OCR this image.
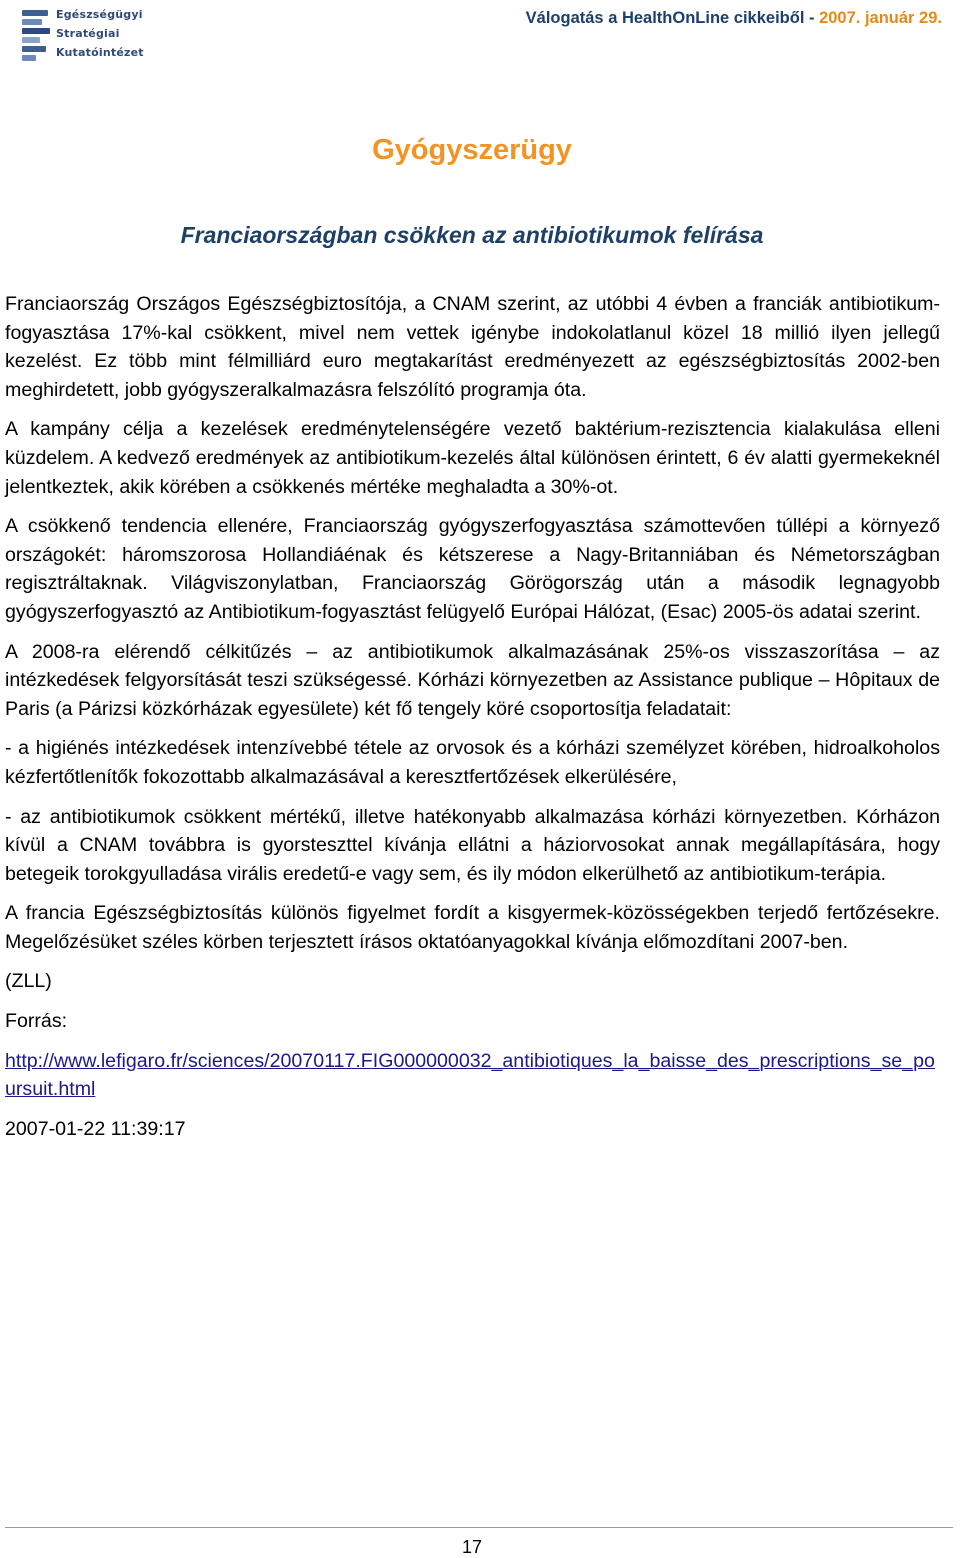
Egészségügyi
Stratégiai
Kutatóintézet
Válogatás a HealthOnLine cikkeiből - 2007. január 29.
Gyógyszerügy
Franciaországban csökken az antibiotikumok felírása

Franciaország Országos Egészségbiztosítója, a CNAM szerint, az utóbbi 4 évben a franciák antibiotikum-fogyasztása 17%-kal csökkent, mivel nem vettek igénybe indokolatlanul közel 18 millió ilyen jellegű kezelést. Ez több mint félmilliárd euro megtakarítást eredményezett az egészségbiztosítás 2002-ben meghirdetett, jobb gyógyszeralkalmazásra felszólító programja óta.

A kampány célja a kezelések eredménytelenségére vezető baktérium-rezisztencia kialakulása elleni küzdelem. A kedvező eredmények az antibiotikum-kezelés által különösen érintett, 6 év alatti gyermekeknél jelentkeztek, akik körében a csökkenés mértéke meghaladta a 30%-ot.

A csökkenő tendencia ellenére, Franciaország gyógyszerfogyasztása számottevően túllépi a környező országokét: háromszorosa Hollandiáénak és kétszerese a Nagy-Britanniában és Németországban regisztráltaknak. Világviszonylatban, Franciaország Görögország után a második legnagyobb gyógyszerfogyasztó az Antibiotikum-fogyasztást felügyelő Európai Hálózat, (Esac) 2005-ös adatai szerint.

A 2008-ra elérendő célkitűzés – az antibiotikumok alkalmazásának 25%-os visszaszorítása – az intézkedések felgyorsítását teszi szükségessé. Kórházi környezetben az Assistance publique – Hôpitaux de Paris (a Párizsi közkórházak egyesülete) két fő tengely köré csoportosítja feladatait:

- a higiénés intézkedések intenzívebbé tétele az orvosok és a kórházi személyzet körében, hidroalkoholos kézfertőtlenítők fokozottabb alkalmazásával a keresztfertőzések elkerülésére,

- az antibiotikumok csökkent mértékű, illetve hatékonyabb alkalmazása kórházi környezetben. Kórházon kívül a CNAM továbbra is gyorsteszttel kívánja ellátni a háziorvosokat annak megállapítására, hogy betegeik torokgyulladása virális eredetű-e vagy sem, és ily módon elkerülhető az antibiotikum-terápia.

A francia Egészségbiztosítás különös figyelmet fordít a kisgyermek-közösségekben terjedő fertőzésekre. Megelőzésüket széles körben terjesztett írásos oktatóanyagokkal kívánja előmozdítani 2007-ben.

(ZLL)

Forrás:

http://www.lefigaro.fr/sciences/20070117.FIG000000032_antibiotiques_la_baisse_des_prescriptions_se_poursuit.html

2007-01-22 11:39:17

17
